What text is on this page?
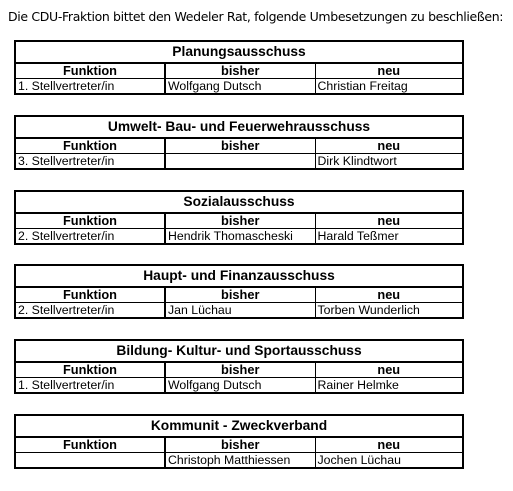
Die CDU-Fraktion bittet den Wedeler Rat, folgende Umbesetzungen zu beschließen:
Planungsausschuss		
Funktion	bisher	neu
1. Stellvertreter/in	Wolfgang Dutsch	Christian Freitag
Umwelt- Bau- und Feuerwehrausschuss		
Funktion	bisher	neu
3. Stellvertreter/in		Dirk Klindtwort
Sozialausschuss		
Funktion	bisher	neu
2. Stellvertreter/in	Hendrik Thomascheski	Harald Teßmer
Haupt- und Finanzausschuss		
Funktion	bisher	neu
2. Stellvertreter/in	Jan Lüchau	Torben Wunderlich
Bildung- Kultur- und Sportausschuss		
Funktion	bisher	neu
1. Stellvertreter/in	Wolfgang Dutsch	Rainer Helmke
Kommunit - Zweckverband		
Funktion	bisher	neu
	Christoph Matthiessen	Jochen Lüchau
